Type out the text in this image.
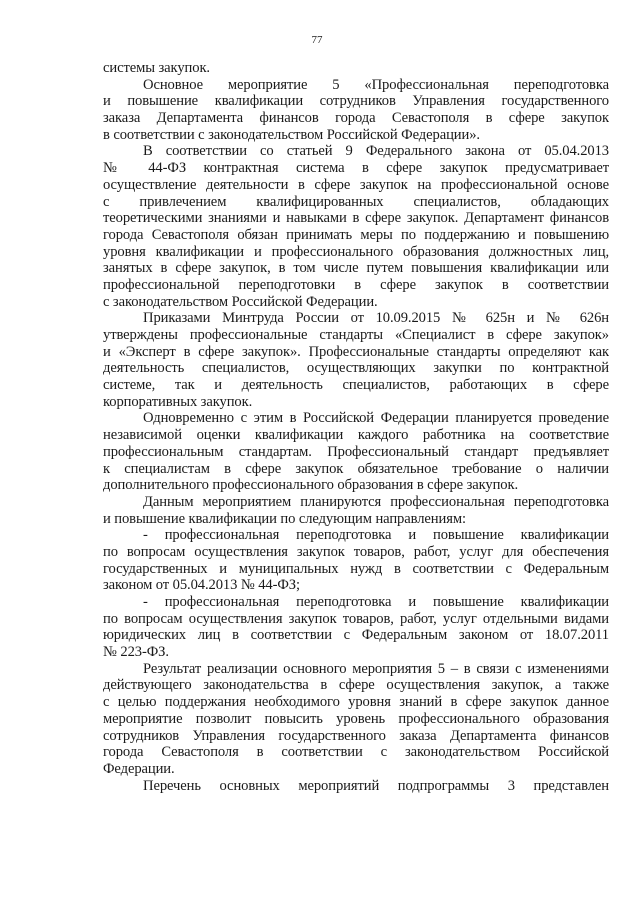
77
системы закупок.
Основное мероприятие 5 «Профессиональная переподготовка
и повышение квалификации сотрудников Управления государственного
заказа Департамента финансов города Севастополя в сфере закупок
в соответствии с законодательством Российской Федерации».
В соответствии со статьей 9 Федерального закона от 05.04.2013
№ 44-ФЗ контрактная система в сфере закупок предусматривает
осуществление деятельности в сфере закупок на профессиональной основе
с привлечением квалифицированных специалистов, обладающих
теоретическими знаниями и навыками в сфере закупок. Департамент финансов
города Севастополя обязан принимать меры по поддержанию и повышению
уровня квалификации и профессионального образования должностных лиц,
занятых в сфере закупок, в том числе путем повышения квалификации или
профессиональной переподготовки в сфере закупок в соответствии
с законодательством Российской Федерации.
Приказами Минтруда России от 10.09.2015 № 625н и № 626н
утверждены профессиональные стандарты «Специалист в сфере закупок»
и «Эксперт в сфере закупок». Профессиональные стандарты определяют как
деятельность специалистов, осуществляющих закупки по контрактной
системе, так и деятельность специалистов, работающих в сфере
корпоративных закупок.
Одновременно с этим в Российской Федерации планируется проведение
независимой оценки квалификации каждого работника на соответствие
профессиональным стандартам. Профессиональный стандарт предъявляет
к специалистам в сфере закупок обязательное требование о наличии
дополнительного профессионального образования в сфере закупок.
Данным мероприятием планируются профессиональная переподготовка
и повышение квалификации по следующим направлениям:
- профессиональная переподготовка и повышение квалификации
по вопросам осуществления закупок товаров, работ, услуг для обеспечения
государственных и муниципальных нужд в соответствии с Федеральным
законом от 05.04.2013 № 44-ФЗ;
- профессиональная переподготовка и повышение квалификации
по вопросам осуществления закупок товаров, работ, услуг отдельными видами
юридических лиц в соответствии с Федеральным законом от 18.07.2011
№ 223-ФЗ.
Результат реализации основного мероприятия 5 – в связи с изменениями
действующего законодательства в сфере осуществления закупок, а также
с целью поддержания необходимого уровня знаний в сфере закупок данное
мероприятие позволит повысить уровень профессионального образования
сотрудников Управления государственного заказа Департамента финансов
города Севастополя в соответствии с законодательством Российской
Федерации.
Перечень основных мероприятий подпрограммы 3 представлен
